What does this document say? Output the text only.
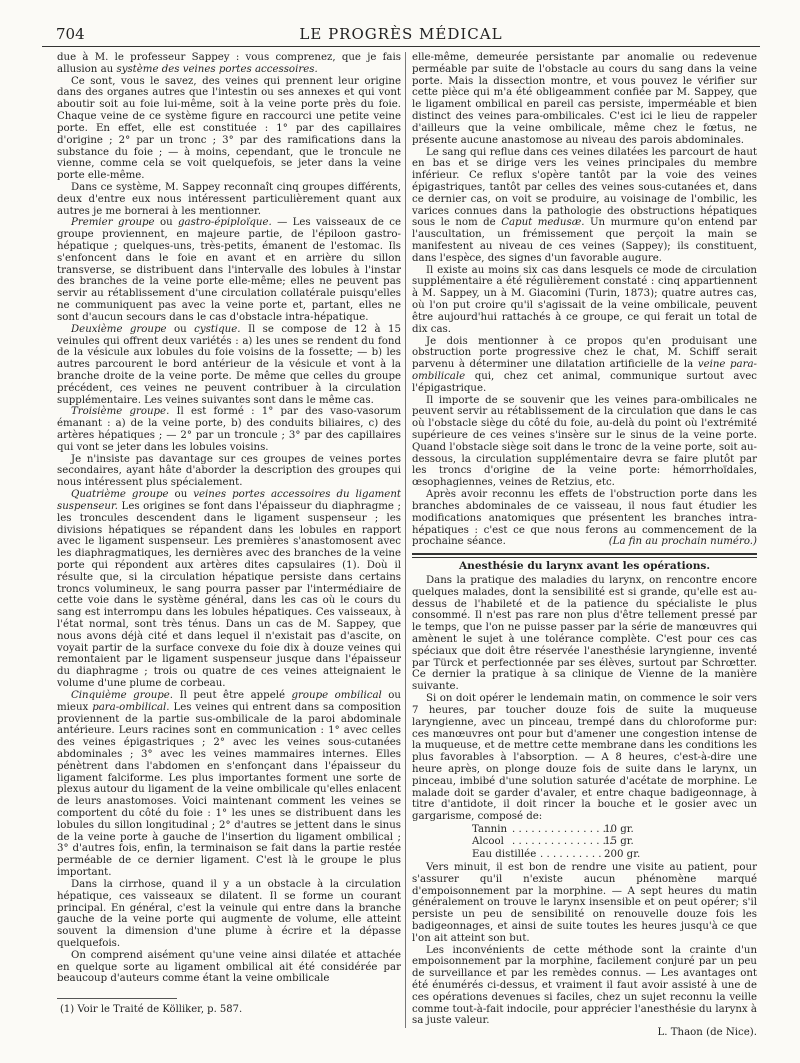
704	LE PROGRÈS MÉDICAL

due à M. le professeur Sappey : vous comprenez, que je fais allusion au système des veines portes accessoires.

Ce sont, vous le savez, des veines qui prennent leur origine dans des organes autres que l'intestin ou ses annexes et qui vont aboutir soit au foie lui-même, soit à la veine porte près du foie. Chaque veine de ce système figure en raccourci une petite veine porte. En effet, elle est constituée : 1° par des capillaires d'origine ; 2° par un tronc ; 3° par des ramifications dans la substance du foie ; — à moins, cependant, que le troncule ne vienne, comme cela se voit quelquefois, se jeter dans la veine porte elle-même.

Dans ce système, M. Sappey reconnaît cinq groupes différents, deux d'entre eux nous intéressent particulièrement quant aux autres je me bornerai à les mentionner.

Premier groupe ou gastro-épiploïque. — Les vaisseaux de ce groupe proviennent, en majeure partie, de l'épiloon gastro-hépatique ; quelques-uns, très-petits, émanent de l'estomac. Ils s'enfoncent dans le foie en avant et en arrière du sillon transverse, se distribuent dans l'intervalle des lobules à l'instar des branches de la veine porte elle-même; elles ne peuvent pas servir au rétablissement d'une circulation collatérale puisqu'elles ne communiquent pas avec la veine porte et, partant, elles ne sont d'aucun secours dans le cas d'obstacle intra-hépatique.

Deuxième groupe ou cystique. Il se compose de 12 à 15 veinules qui offrent deux variétés : a) les unes se rendent du fond de la vésicule aux lobules du foie voisins de la fossette; — b) les autres parcourent le bord antérieur de la vésicule et vont à la branche droite de la veine porte. De même que celles du groupe précédent, ces veines ne peuvent contribuer à la circulation supplémentaire. Les veines suivantes sont dans le même cas.

Troisième groupe. Il est formé : 1° par des vaso-vasorum émanant : a) de la veine porte, b) des conduits biliaires, c) des artères hépatiques ; — 2° par un troncule ; 3° par des capillaires qui vont se jeter dans les lobules voisins.

Je n'insiste pas davantage sur ces groupes de veines portes secondaires, ayant hâte d'aborder la description des groupes qui nous intéressent plus spécialement.

Quatrième groupe ou veines portes accessoires du ligament suspenseur. Les origines se font dans l'épaisseur du diaphragme ; les troncules descendent dans le ligament suspenseur ; les divisions hépatiques se répandent dans les lobules en rapport avec le ligament suspenseur. Les premières s'anastomosent avec les diaphragmatiques, les dernières avec des branches de la veine porte qui répondent aux artères dites capsulaires (1). Doù il résulte que, si la circulation hépatique persiste dans certains troncs volumineux, le sang pourra passer par l'intermédiaire de cette voie dans le système général, dans les cas où le cours du sang est interrompu dans les lobules hépatiques. Ces vaisseaux, à l'état normal, sont très ténus. Dans un cas de M. Sappey, que nous avons déjà cité et dans lequel il n'existait pas d'ascite, on voyait partir de la surface convexe du foie dix à douze veines qui remontaient par le ligament suspenseur jusque dans l'épaisseur du diaphragme ; trois ou quatre de ces veines atteignaient le volume d'une plume de corbeau.

Cinquième groupe. Il peut être appelé groupe ombilical ou mieux para-ombilical. Les veines qui entrent dans sa composition proviennent de la partie sus-ombilicale de la paroi abdominale antérieure. Leurs racines sont en communication : 1° avec celles des veines épigastriques ; 2° avec les veines sous-cutanées abdominales ; 3° avec les veines mammaires internes. Elles pénètrent dans l'abdomen en s'enfonçant dans l'épaisseur du ligament falciforme. Les plus importantes forment une sorte de plexus autour du ligament de la veine ombilicale qu'elles enlacent de leurs anastomoses. Voici maintenant comment les veines se comportent du côté du foie : 1° les unes se distribuent dans les lobules du sillon longitudinal ; 2° d'autres se jettent dans le sinus de la veine porte à gauche de l'insertion du ligament ombilical ; 3° d'autres fois, enfin, la terminaison se fait dans la partie restée perméable de ce dernier ligament. C'est là le groupe le plus important.

Dans la cirrhose, quand il y a un obstacle à la circulation hépatique, ces vaisseaux se dilatent. Il se forme un courant principal. En général, c'est la veinule qui entre dans la branche gauche de la veine porte qui augmente de volume, elle atteint souvent la dimension d'une plume à écrire et la dépasse quelquefois.

On comprend aisément qu'une veine ainsi dilatée et attachée en quelque sorte au ligament ombilical ait été considérée par beaucoup d'auteurs comme étant la veine ombilicale

elle-même, demeurée persistante par anomalie ou redevenue perméable par suite de l'obstacle au cours du sang dans la veine porte. Mais la dissection montre, et vous pouvez le vérifier sur cette pièce qui m'a été obligeamment confiée par M. Sappey, que le ligament ombilical en pareil cas persiste, imperméable et bien distinct des veines para-ombilicales. C'est ici le lieu de rappeler d'ailleurs que la veine ombilicale, même chez le fœtus, ne présente aucune anastomose au niveau des parois abdominales.

Le sang qui reflue dans ces veines dilatées les parcourt de haut en bas et se dirige vers les veines principales du membre inférieur. Ce reflux s'opère tantôt par la voie des veines épigastriques, tantôt par celles des veines sous-cutanées et, dans ce dernier cas, on voit se produire, au voisinage de l'ombilic, les varices connues dans la pathologie des obstructions hépatiques sous le nom de Caput medusæ. Un murmure qu'on entend par l'auscultation, un frémissement que perçoit la main se manifestent au niveau de ces veines (Sappey); ils constituent, dans l'espèce, des signes d'un favorable augure.

Il existe au moins six cas dans lesquels ce mode de circulation supplémentaire a été régulièrement constaté : cinq appartiennent à M. Sappey, un à M. Giacomini (Turin, 1873); quatre autres cas, où l'on put croire qu'il s'agissait de la veine ombilicale, peuvent être aujourd'hui rattachés à ce groupe, ce qui ferait un total de dix cas.

Je dois mentionner à ce propos qu'en produisant une obstruction porte progressive chez le chat, M. Schiff serait parvenu à déterminer une dilatation artificielle de la veine para-ombilicale qui, chez cet animal, communique surtout avec l'épigastrique.

Il importe de se souvenir que les veines para-ombilicales ne peuvent servir au rétablissement de la circulation que dans le cas où l'obstacle siège du côté du foie, au-delà du point où l'extrémité supérieure de ces veines s'insère sur le sinus de la veine porte. Quand l'obstacle siège soit dans le tronc de la veine porte, soit au-dessous, la circulation supplémentaire devra se faire plutôt par les troncs d'origine de la veine porte: hémorrhoïdales, œsophagiennes, veines de Retzius, etc.

Après avoir reconnu les effets de l'obstruction porte dans les branches abdominales de ce vaisseau, il nous faut étudier les modifications anatomiques que présentent les branches intra-hépatiques : c'est ce que nous ferons au commencement de la prochaine séance.	(La fin au prochain numéro.)

Anesthésie du larynx avant les opérations.

Dans la pratique des maladies du larynx, on rencontre encore quelques malades, dont la sensibilité est si grande, qu'elle est au-dessus de l'habileté et de la patience du spécialiste le plus consommé. Il n'est pas rare non plus d'être tellement pressé par le temps, que l'on ne puisse passer par la série de manœuvres qui amènent le sujet à une tolérance complète. C'est pour ces cas spéciaux que doit être réservée l'anesthésie laryngienne, inventé par Türck et perfectionnée par ses élèves, surtout par Schrœtter. Ce dernier la pratique à sa clinique de Vienne de la manière suivante.

Si on doit opérer le lendemain matin, on commence le soir vers 7 heures, par toucher douze fois de suite la muqueuse laryngienne, avec un pinceau, trempé dans du chloroforme pur: ces manœuvres ont pour but d'amener une congestion intense de la muqueuse, et de mettre cette membrane dans les conditions les plus favorables à l'absorption. — A 8 heures, c'est-à-dire une heure après, on plonge douze fois de suite dans le larynx, un pinceau, imbibé d'une solution saturée d'acétate de morphine. Le malade doit se garder d'avaler, et entre chaque badigeonnage, à titre d'antidote, il doit rincer la bouche et le gosier avec un gargarisme, composé de:

Tannin . . . . . . . . . . . . . . . .
10 gr.
Alcool . . . . . . . . . . . . . . . .
15 gr.
Eau distillée . . . . . . . . . . 200 gr.

Vers minuit, il est bon de rendre une visite au patient, pour s'assurer qu'il n'existe aucun phénomène marqué d'empoisonnement par la morphine. — A sept heures du matin généralement on trouve le larynx insensible et on peut opérer; s'il persiste un peu de sensibilité on renouvelle douze fois les badigeonnages, et ainsi de suite toutes les heures jusqu'à ce que l'on ait atteint son but.

Les inconvénients de cette méthode sont la crainte d'un empoisonnement par la morphine, facilement conjuré par un peu de surveillance et par les remèdes connus. — Les avantages ont été énumérés ci-dessus, et vraiment il faut avoir assisté à une de ces opérations devenues si faciles, chez un sujet reconnu la veille comme tout-à-fait indocile, pour apprécier l'anesthésie du larynx à sa juste valeur.

L. Thaon (de Nice).
(1) Voir le Traité de Kölliker, p. 587.
